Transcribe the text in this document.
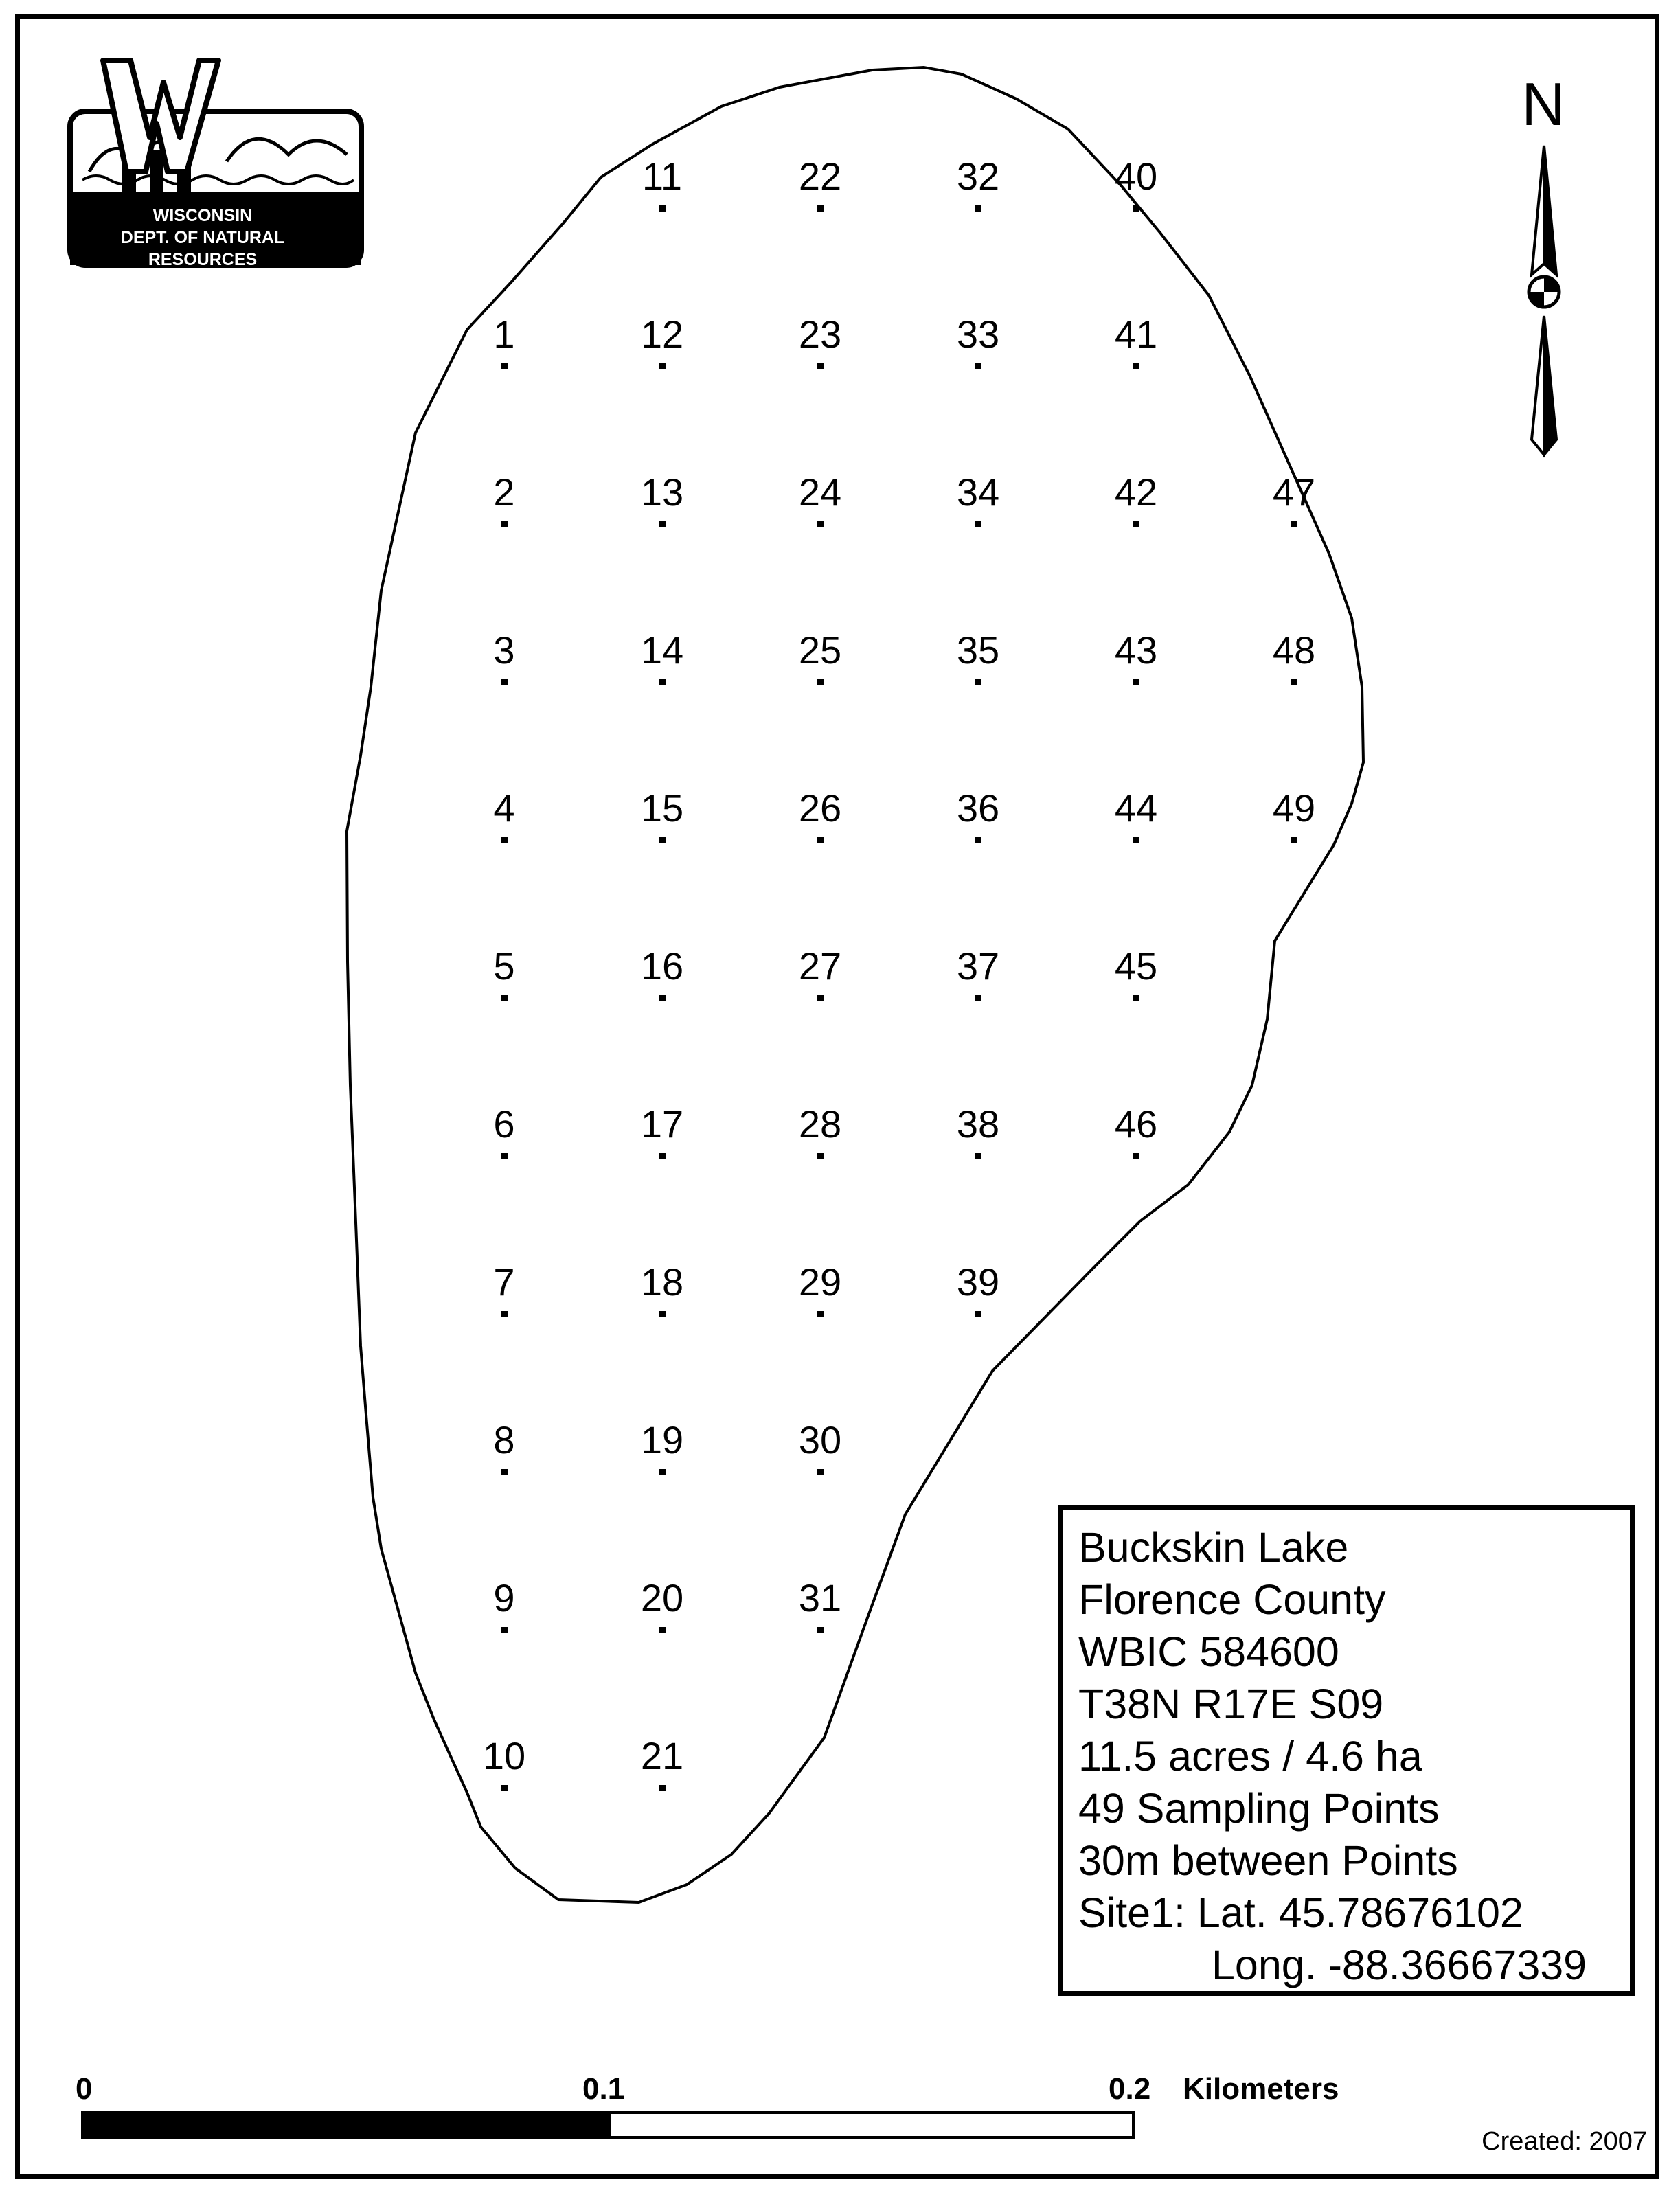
WISCONSIN
DEPT. OF NATURAL RESOURCES
N
1
2
3
4
5
6
7
8
9
10
11
12
13
14
15
16
17
18
19
20
21
22
23
24
25
26
27
28
29
30
31
32
33
34
35
36
37
38
39
40
41
42
43
44
45
46
47
48
49
Buckskin Lake
Florence County
WBIC 584600
T38N R17E S09
11.5 acres / 4.6 ha
49 Sampling Points
30m between Points
Site1: Lat. 45.78676102
Long. -88.36667339
0	0.1	0.2 Kilometers
Created: 2007
